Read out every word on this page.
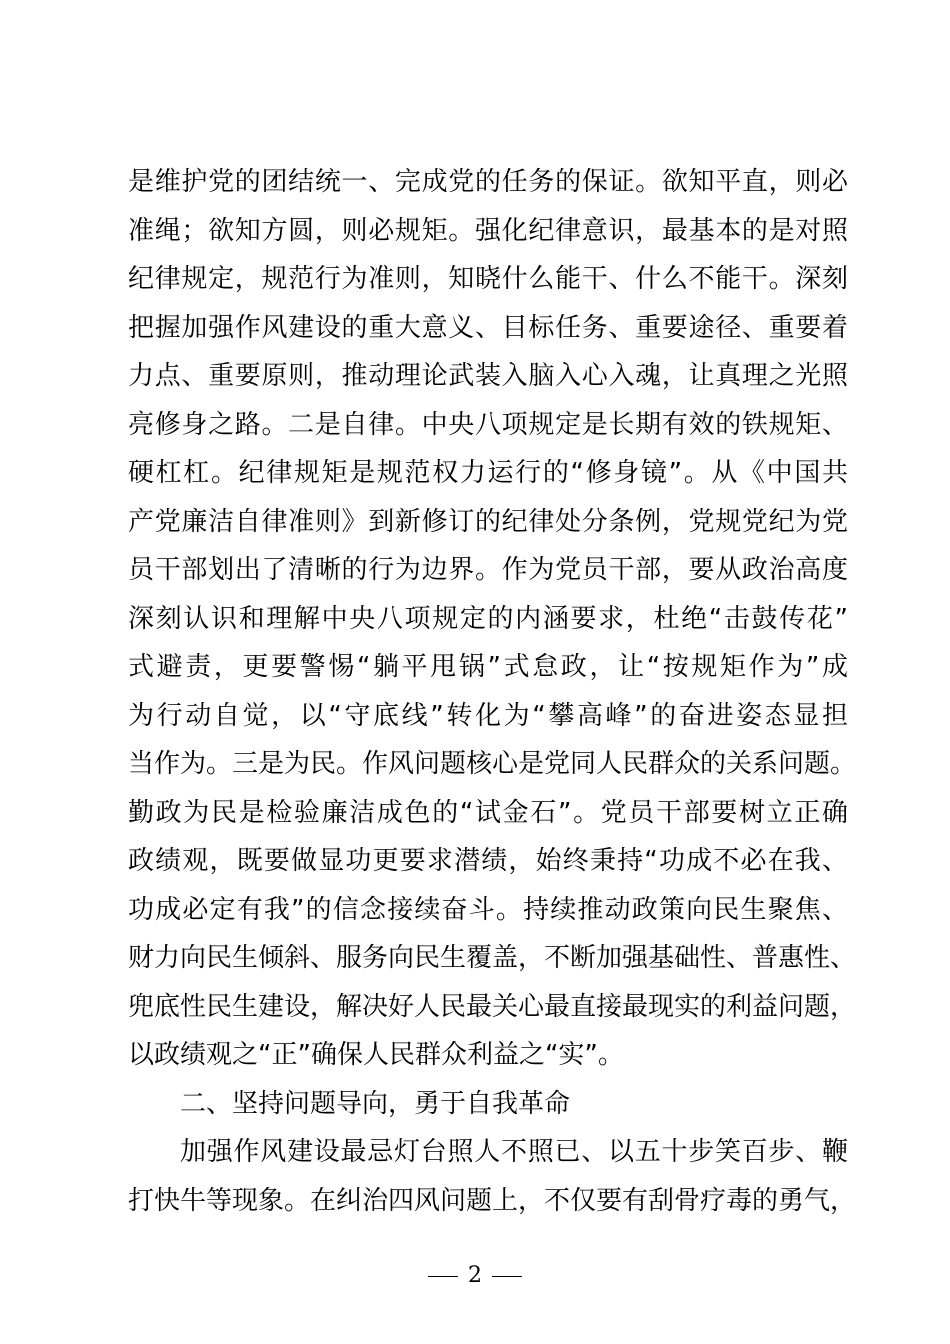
是维护党的团结统一、完成党的任务的保证。欲知平直，则必
准绳；欲知方圆，则必规矩。强化纪律意识，最基本的是对照
纪律规定，规范行为准则，知晓什么能干、什么不能干。深刻
把握加强作风建设的重大意义、目标任务、重要途径、重要着
力点、重要原则，推动理论武装入脑入心入魂，让真理之光照
亮修身之路。二是自律。中央八项规定是长期有效的铁规矩、
硬杠杠。纪律规矩是规范权力运行的“修身镜”。从《中国共
产党廉洁自律准则》到新修订的纪律处分条例，党规党纪为党
员干部划出了清晰的行为边界。作为党员干部，要从政治高度
深刻认识和理解中央八项规定的内涵要求，杜绝“击鼓传花”
式避责，更要警惕“躺平甩锅”式怠政，让“按规矩作为”成
为行动自觉，以“守底线”转化为“攀高峰”的奋进姿态显担
当作为。三是为民。作风问题核心是党同人民群众的关系问题。
勤政为民是检验廉洁成色的“试金石”。党员干部要树立正确
政绩观，既要做显功更要求潜绩，始终秉持“功成不必在我、
功成必定有我”的信念接续奋斗。持续推动政策向民生聚焦、
财力向民生倾斜、服务向民生覆盖，不断加强基础性、普惠性、
兜底性民生建设，解决好人民最关心最直接最现实的利益问题，
以政绩观之“正”确保人民群众利益之“实”。
二、坚持问题导向，勇于自我革命
加强作风建设最忌灯台照人不照已、以五十步笑百步、鞭
打快牛等现象。在纠治四风问题上，不仅要有刮骨疗毒的勇气，
2
